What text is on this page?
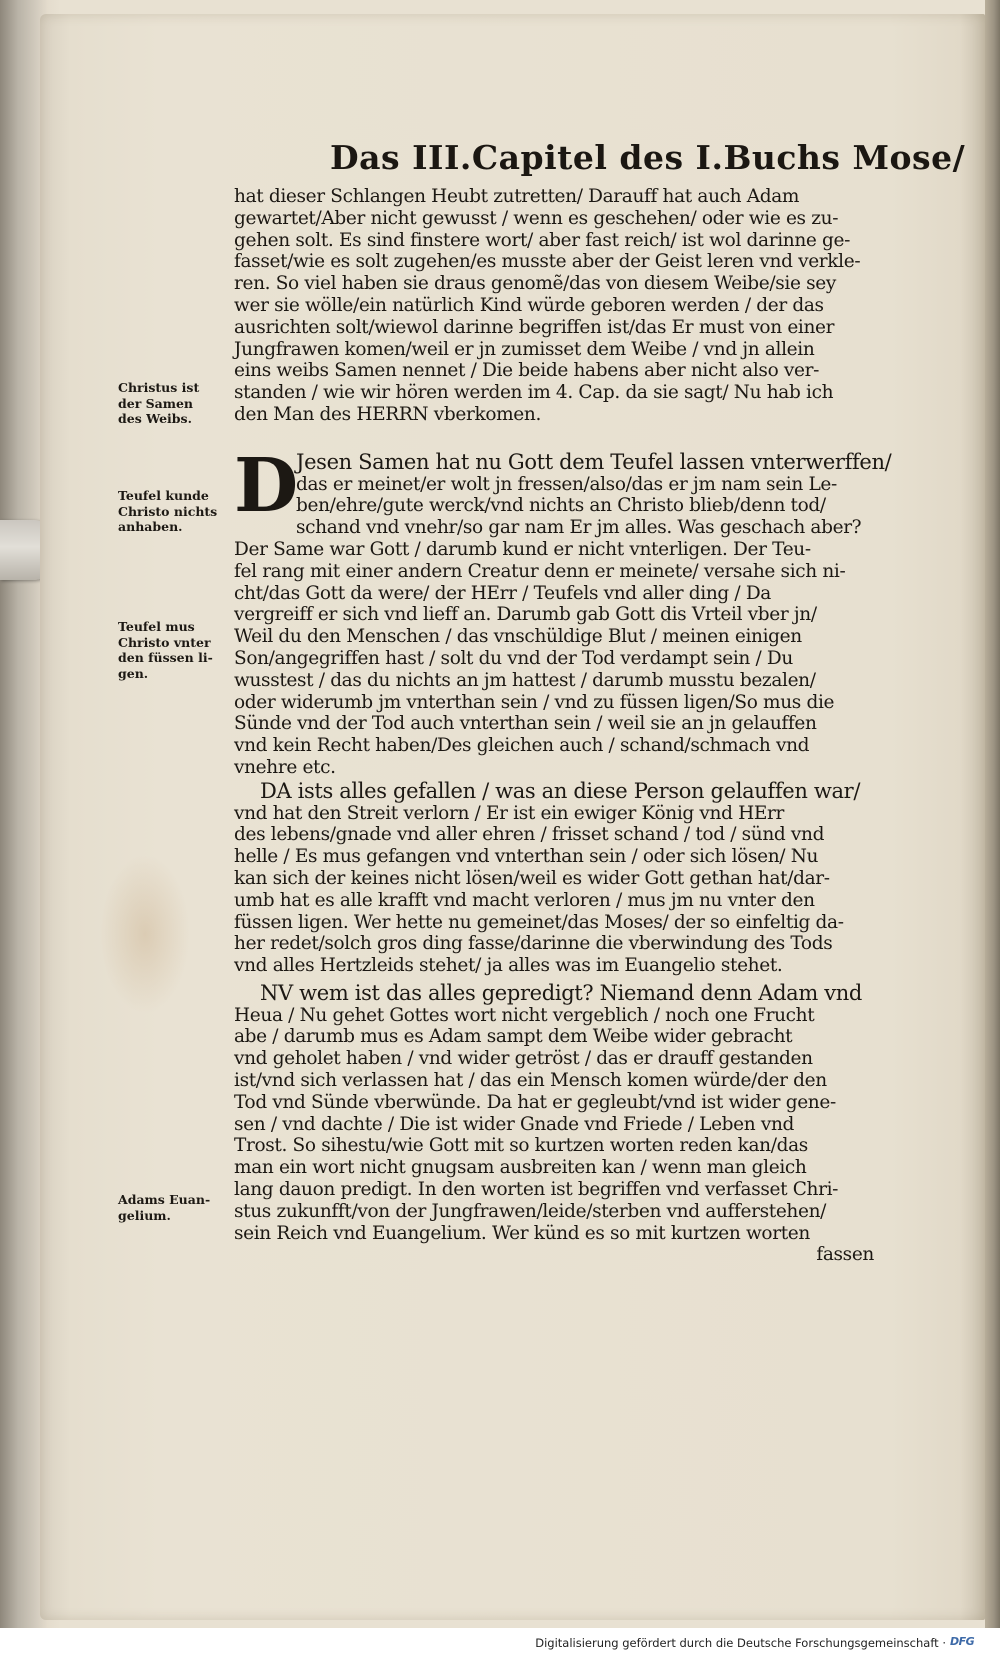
Das III.Capitel des I.Buchs Mose/
Christus ist
der Samen
des Weibs.
Teufel kunde
Christo nichts
anhaben.
Teufel mus
Christo vnter
den füssen li-
gen.
Adams Euan-
gelium.
hat dieser Schlangen Heubt zutretten/ Darauff hat auch Adam
gewartet/Aber nicht gewusst / wenn es geschehen/ oder wie es zu-
gehen solt. Es sind finstere wort/ aber fast reich/ ist wol darinne ge-
fasset/wie es solt zugehen/es musste aber der Geist leren vnd verkle-
ren. So viel haben sie draus genomẽ/das von diesem Weibe/sie sey
wer sie wölle/ein natürlich Kind würde geboren werden / der das
ausrichten solt/wiewol darinne begriffen ist/das Er must von einer
Jungfrawen komen/weil er jn zumisset dem Weibe / vnd jn allein
eins weibs Samen nennet / Die beide habens aber nicht also ver-
standen / wie wir hören werden im 4. Cap. da sie sagt/ Nu hab ich
den Man des HERRN vberkomen.
D
Jesen Samen hat nu Gott dem Teufel lassen vnterwerffen/
das er meinet/er wolt jn fressen/also/das er jm nam sein Le-
ben/ehre/gute werck/vnd nichts an Christo blieb/denn tod/
schand vnd vnehr/so gar nam Er jm alles. Was geschach aber?
Der Same war Gott / darumb kund er nicht vnterligen. Der Teu-
fel rang mit einer andern Creatur denn er meinete/ versahe sich ni-
cht/das Gott da were/ der HErr / Teufels vnd aller ding / Da
vergreiff er sich vnd lieff an. Darumb gab Gott dis Vrteil vber jn/
Weil du den Menschen / das vnschüldige Blut / meinen einigen
Son/angegriffen hast / solt du vnd der Tod verdampt sein / Du
wusstest / das du nichts an jm hattest / darumb musstu bezalen/
oder widerumb jm vnterthan sein / vnd zu füssen ligen/So mus die
Sünde vnd der Tod auch vnterthan sein / weil sie an jn gelauffen
vnd kein Recht haben/Des gleichen auch / schand/schmach vnd
vnehre etc.
DA ists alles gefallen / was an diese Person gelauffen war/
vnd hat den Streit verlorn / Er ist ein ewiger König vnd HErr
des lebens/gnade vnd aller ehren / frisset schand / tod / sünd vnd
helle / Es mus gefangen vnd vnterthan sein / oder sich lösen/ Nu
kan sich der keines nicht lösen/weil es wider Gott gethan hat/dar-
umb hat es alle krafft vnd macht verloren / mus jm nu vnter den
füssen ligen. Wer hette nu gemeinet/das Moses/ der so einfeltig da-
her redet/solch gros ding fasse/darinne die vberwindung des Tods
vnd alles Hertzleids stehet/ ja alles was im Euangelio stehet.
NV wem ist das alles gepredigt? Niemand denn Adam vnd
Heua / Nu gehet Gottes wort nicht vergeblich / noch one Frucht
abe / darumb mus es Adam sampt dem Weibe wider gebracht
vnd geholet haben / vnd wider getröst / das er drauff gestanden
ist/vnd sich verlassen hat / das ein Mensch komen würde/der den
Tod vnd Sünde vberwünde. Da hat er gegleubt/vnd ist wider gene-
sen / vnd dachte / Die ist wider Gnade vnd Friede / Leben vnd
Trost. So sihestu/wie Gott mit so kurtzen worten reden kan/das
man ein wort nicht gnugsam ausbreiten kan / wenn man gleich
lang dauon predigt. In den worten ist begriffen vnd verfasset Chri-
stus zukunfft/von der Jungfrawen/leide/sterben vnd aufferstehen/
sein Reich vnd Euangelium. Wer künd es so mit kurtzen worten
fassen
Digitalisierung gefördert durch die Deutsche Forschungsgemeinschaft · DFG
